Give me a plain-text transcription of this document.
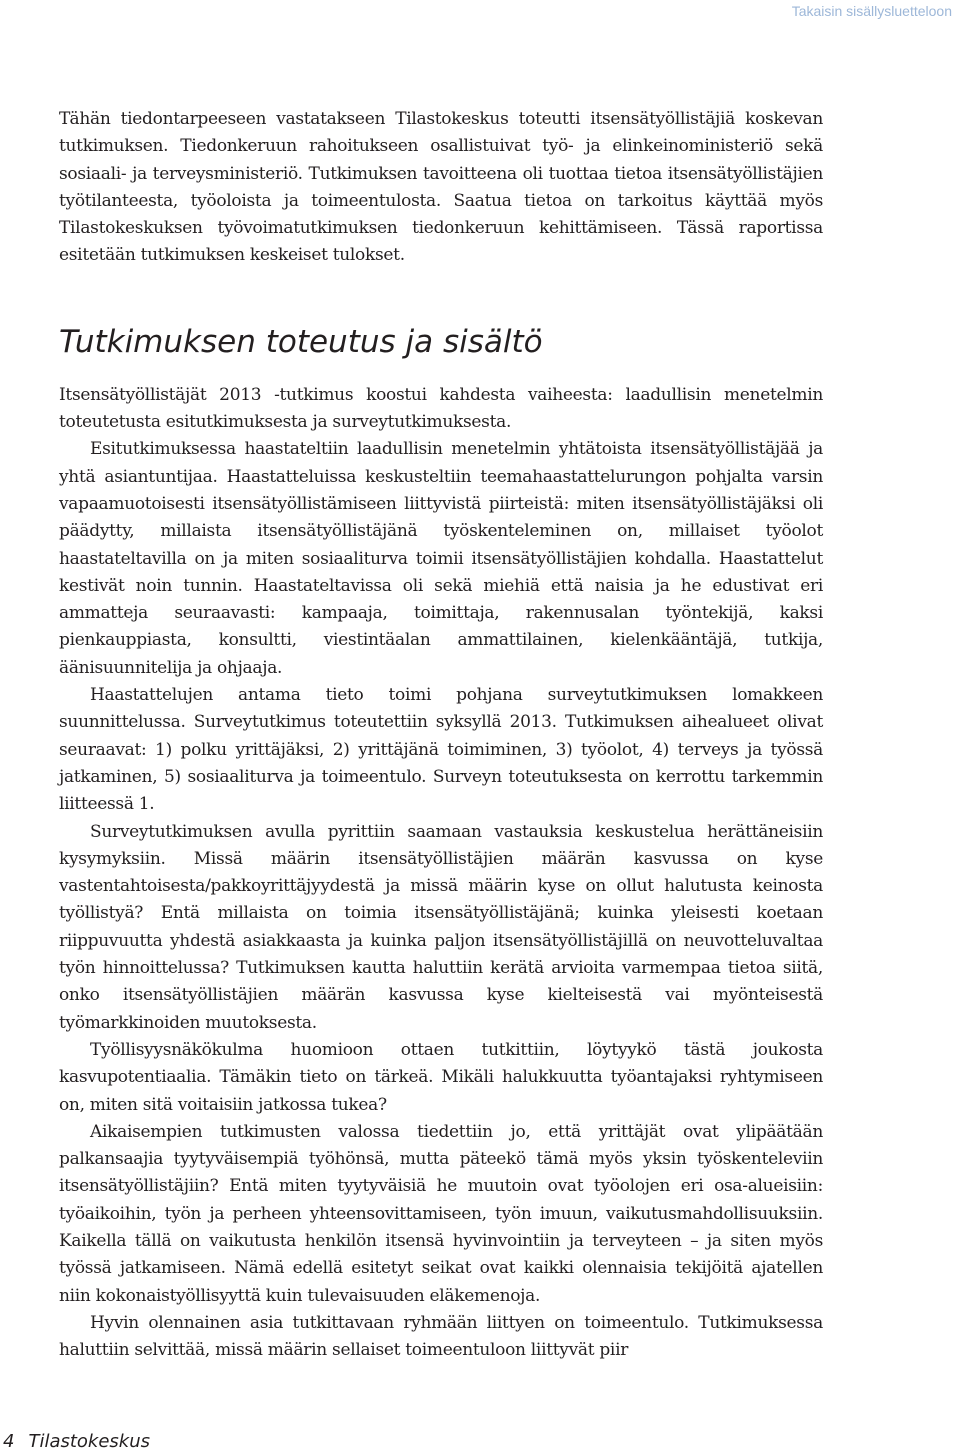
Takaisin sisällysluetteloon

Tähän tiedontarpeeseen vastatakseen Tilastokeskus toteutti itsensätyöllistäjiä koskevan tutkimuksen. Tiedonkeruun rahoitukseen osallistuivat työ- ja elinkeinoministeriö sekä sosiaali- ja terveysministeriö. Tutkimuksen tavoitteena oli tuottaa tietoa itsensätyöllistäjien työtilanteesta, työoloista ja toimeentulosta. Saatua tietoa on tarkoitus käyttää myös Tilastokeskuksen työvoimatutkimuksen tiedonkeruun kehittämiseen. Tässä raportissa esitetään tutkimuksen keskeiset tulokset.

Tutkimuksen toteutus ja sisältö

Itsensätyöllistäjät 2013 -tutkimus koostui kahdesta vaiheesta: laadullisin menetelmin toteutetusta esitutkimuksesta ja surveytutkimuksesta.

Esitutkimuksessa haastateltiin laadullisin menetelmin yhtätoista itsensätyöllistäjää ja yhtä asiantuntijaa. Haastatteluissa keskusteltiin teemahaastattelurungon pohjalta varsin vapaamuotoisesti itsensätyöllistämiseen liittyvistä piirteistä: miten itsensätyöllistäjäksi oli päädytty, millaista itsensätyöllistäjänä työskenteleminen on, millaiset työolot haastateltavilla on ja miten sosiaaliturva toimii itsensätyöllistäjien kohdalla. Haastattelut kestivät noin tunnin. Haastateltavissa oli sekä miehiä että naisia ja he edustivat eri ammatteja seuraavasti: kampaaja, toimittaja, rakennusalan työntekijä, kaksi pienkauppiasta, konsultti, viestintäalan ammattilainen, kielenkääntäjä, tutkija, äänisuunnitelija ja ohjaaja.

Haastattelujen antama tieto toimi pohjana surveytutkimuksen lomakkeen suunnittelussa. Surveytutkimus toteutettiin syksyllä 2013. Tutkimuksen aihealueet olivat seuraavat: 1) polku yrittäjäksi, 2) yrittäjänä toimiminen, 3) työolot, 4) terveys ja työssä jatkaminen, 5) sosiaaliturva ja toimeentulo. Surveyn toteutuksesta on kerrottu tarkemmin liitteessä 1.

Surveytutkimuksen avulla pyrittiin saamaan vastauksia keskustelua herättäneisiin kysymyksiin. Missä määrin itsensätyöllistäjien määrän kasvussa on kyse vastentahtoisesta/pakkoyrittäjyydestä ja missä määrin kyse on ollut halutusta keinosta työllistyä? Entä millaista on toimia itsensätyöllistäjänä; kuinka yleisesti koetaan riippuvuutta yhdestä asiakkaasta ja kuinka paljon itsensätyöllistäjillä on neuvotteluvaltaa työn hinnoittelussa? Tutkimuksen kautta haluttiin kerätä arvioita varmempaa tietoa siitä, onko itsensätyöllistäjien määrän kasvussa kyse kielteisestä vai myönteisestä työmarkkinoiden muutoksesta.

Työllisyysnäkökulma huomioon ottaen tutkittiin, löytyykö tästä joukosta kasvupotentiaalia. Tämäkin tieto on tärkeä. Mikäli halukkuutta työantajaksi ryhtymiseen on, miten sitä voitaisiin jatkossa tukea?

Aikaisempien tutkimusten valossa tiedettiin jo, että yrittäjät ovat ylipäätään palkansaajia tyytyväisempiä työhönsä, mutta päteekö tämä myös yksin työskenteleviin itsensätyöllistäjiin? Entä miten tyytyväisiä he muutoin ovat työolojen eri osa-alueisiin: työaikoihin, työn ja perheen yhteensovittamiseen, työn imuun, vaikutusmahdollisuuksiin. Kaikella tällä on vaikutusta henkilön itsensä hyvinvointiin ja terveyteen – ja siten myös työssä jatkamiseen. Nämä edellä esitetyt seikat ovat kaikki olennaisia tekijöitä ajatellen niin kokonaistyöllisyyttä kuin tulevaisuuden eläkemenoja.

Hyvin olennainen asia tutkittavaan ryhmään liittyen on toimeentulo. Tutkimuksessa haluttiin selvittää, missä määrin sellaiset toimeentuloon liittyvät piir

4 Tilastokeskus
